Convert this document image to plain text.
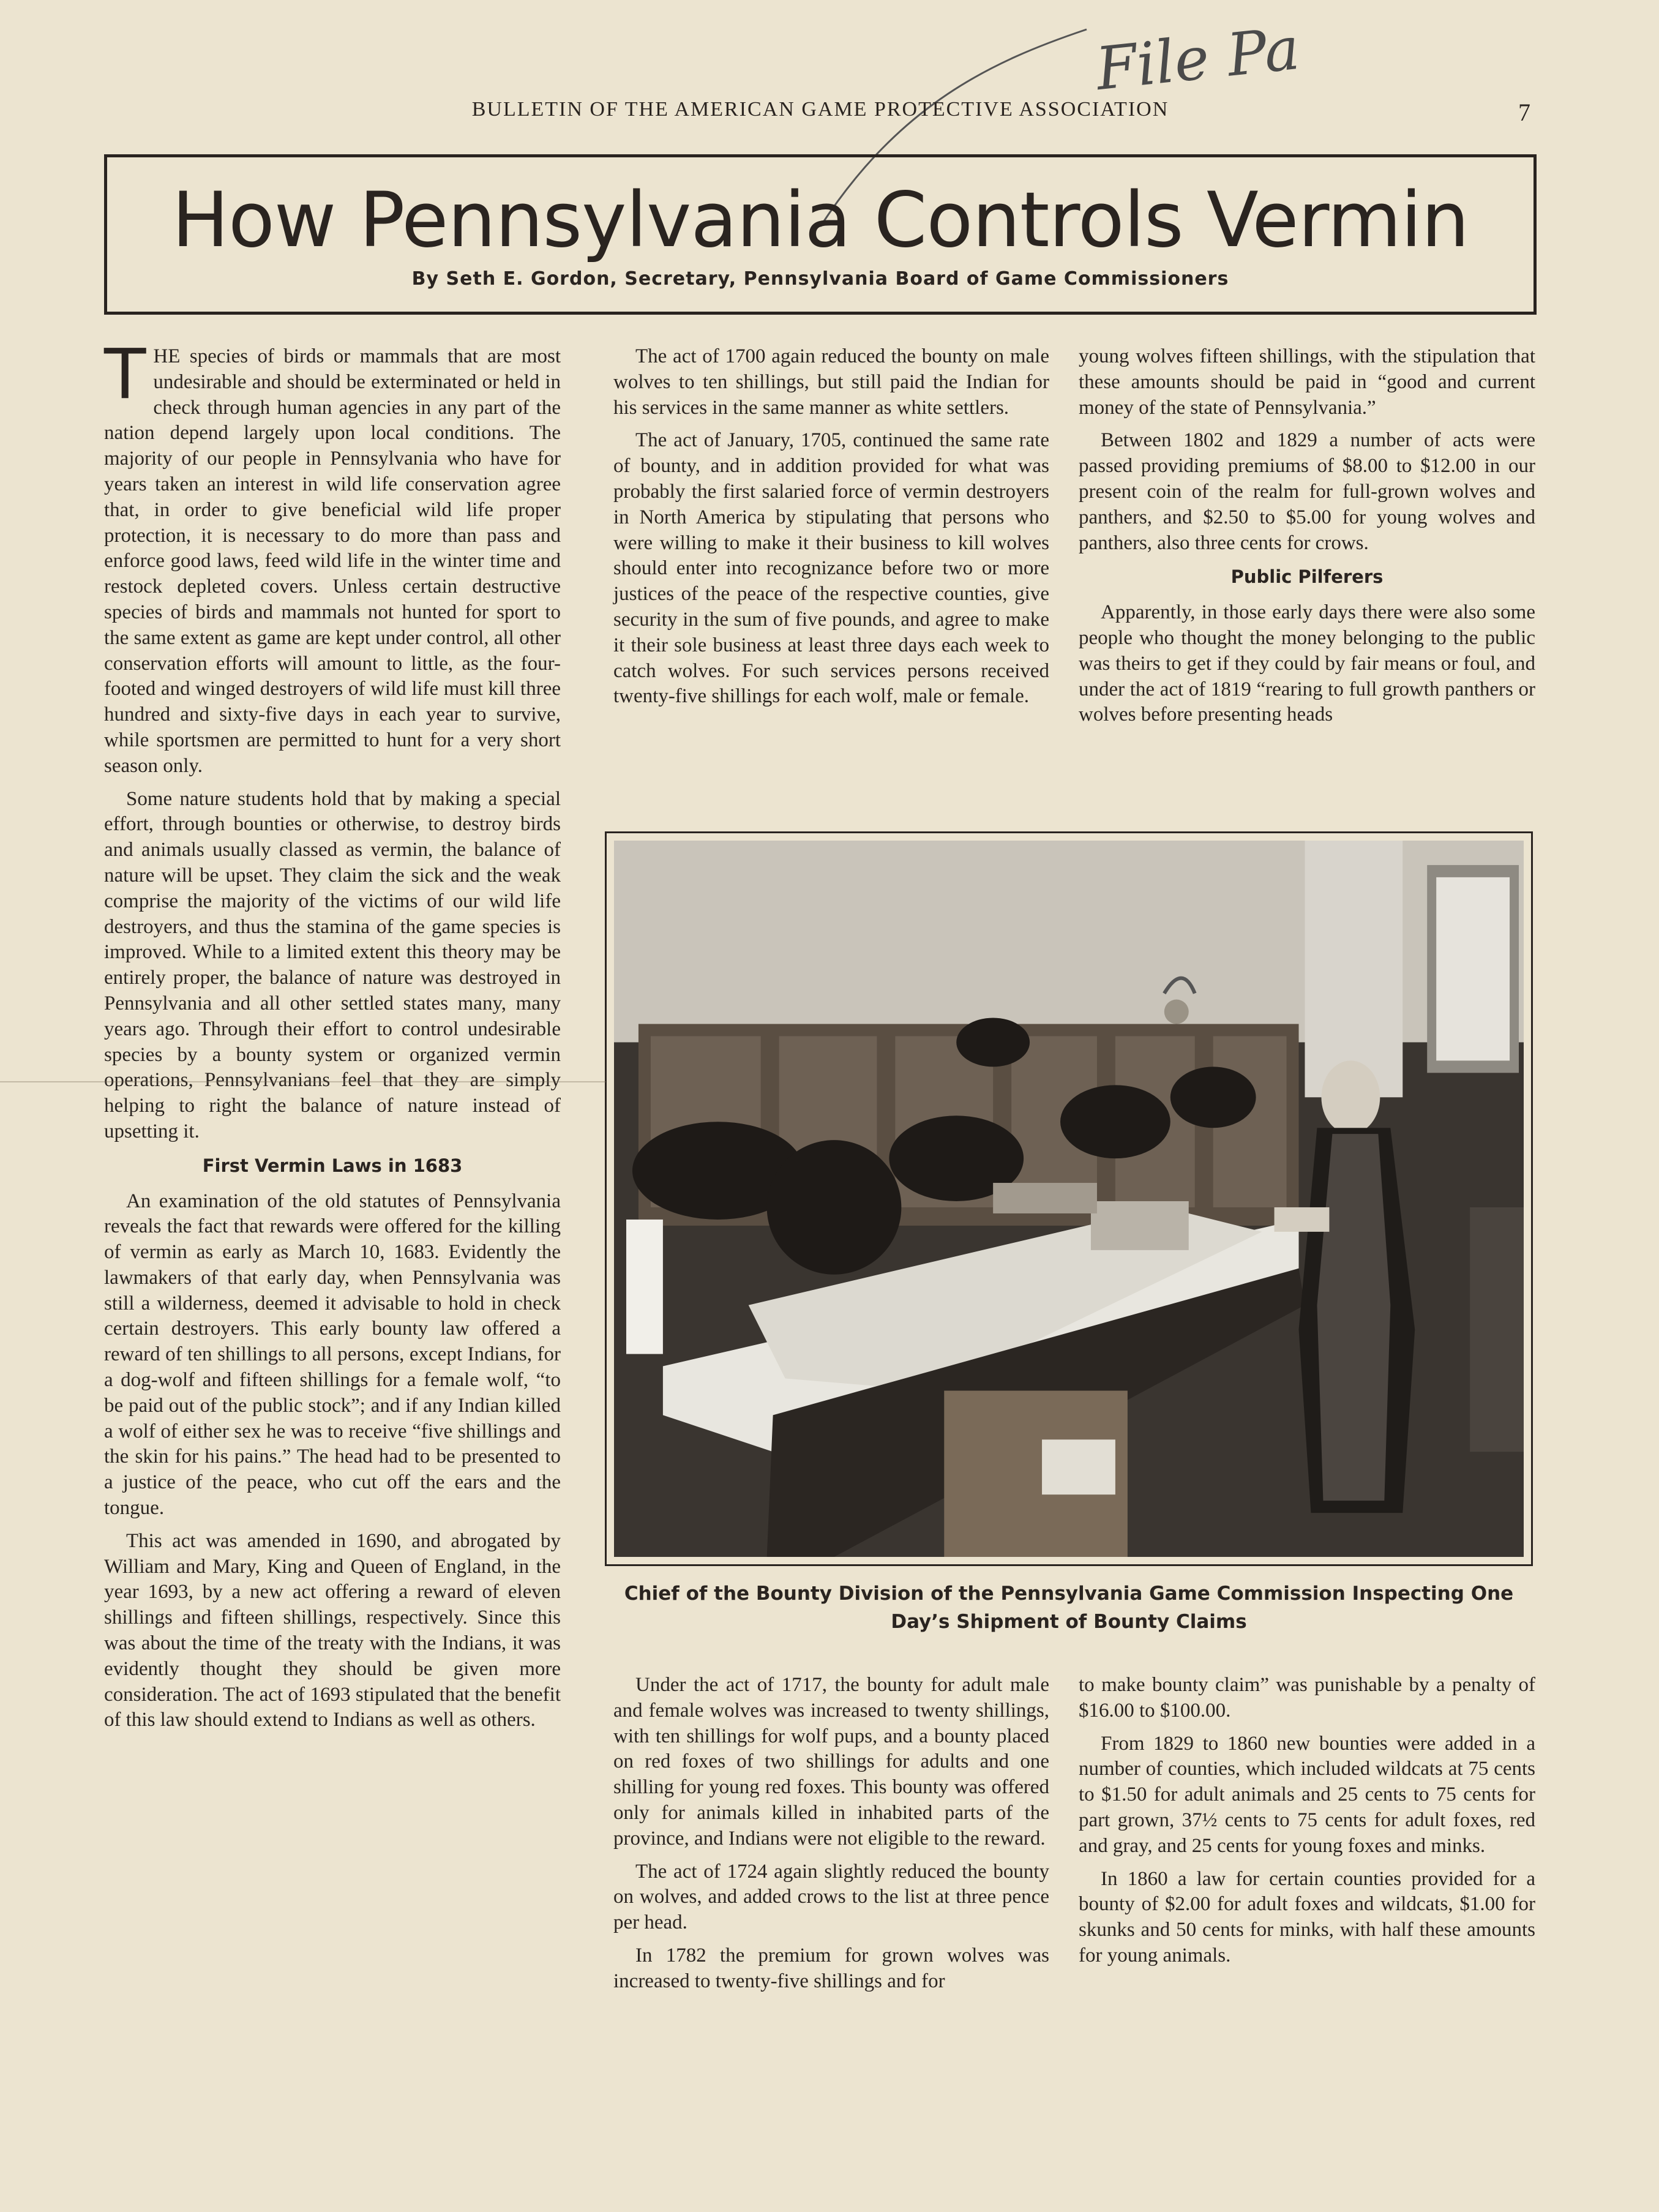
File Pa
BULLETIN OF THE AMERICAN GAME PROTECTIVE ASSOCIATION	7
How Pennsylvania Controls Vermin
By Seth E. Gordon, Secretary, Pennsylvania Board of Game Commissioners

THE species of birds or mammals that are most undesirable and should be exterminated or held in check through human agencies in any part of the nation depend largely upon local conditions. The majority of our people in Pennsylvania who have for years taken an interest in wild life conservation agree that, in order to give beneficial wild life proper protection, it is necessary to do more than pass and enforce good laws, feed wild life in the winter time and restock depleted covers. Unless certain destructive species of birds and mammals not hunted for sport to the same extent as game are kept under control, all other conservation efforts will amount to little, as the four-footed and winged destroyers of wild life must kill three hundred and sixty-five days in each year to survive, while sportsmen are permitted to hunt for a very short season only.

Some nature students hold that by making a special effort, through bounties or otherwise, to destroy birds and animals usually classed as vermin, the balance of nature will be upset. They claim the sick and the weak comprise the majority of the victims of our wild life destroyers, and thus the stamina of the game species is improved. While to a limited extent this theory may be entirely proper, the balance of nature was destroyed in Pennsylvania and all other settled states many, many years ago. Through their effort to control undesirable species by a bounty system or organized vermin operations, Pennsylvanians feel that they are simply helping to right the balance of nature instead of upsetting it.

First Vermin Laws in 1683

An examination of the old statutes of Pennsylvania reveals the fact that rewards were offered for the killing of vermin as early as March 10, 1683. Evidently the lawmakers of that early day, when Pennsylvania was still a wilderness, deemed it advisable to hold in check certain destroyers. This early bounty law offered a reward of ten shillings to all persons, except Indians, for a dog-wolf and fifteen shillings for a female wolf, “to be paid out of the public stock”; and if any Indian killed a wolf of either sex he was to receive “five shillings and the skin for his pains.” The head had to be presented to a justice of the peace, who cut off the ears and the tongue.

This act was amended in 1690, and abrogated by William and Mary, King and Queen of England, in the year 1693, by a new act offering a reward of eleven shillings and fifteen shillings, respectively. Since this was about the time of the treaty with the Indians, it was evidently thought they should be given more consideration. The act of 1693 stipulated that the benefit of this law should extend to Indians as well as others.

The act of 1700 again reduced the bounty on male wolves to ten shillings, but still paid the Indian for his services in the same manner as white settlers.

The act of January, 1705, continued the same rate of bounty, and in addition provided for what was probably the first salaried force of vermin destroyers in North America by stipulating that persons who were willing to make it their business to kill wolves should enter into recognizance before two or more justices of the peace of the respective counties, give security in the sum of five pounds, and agree to make it their sole business at least three days each week to catch wolves. For such services persons received twenty-five shillings for each wolf, male or female.

young wolves fifteen shillings, with the stipulation that these amounts should be paid in “good and current money of the state of Pennsylvania.”

Between 1802 and 1829 a number of acts were passed providing premiums of $8.00 to $12.00 in our present coin of the realm for full-grown wolves and panthers, and $2.50 to $5.00 for young wolves and panthers, also three cents for crows.

Public Pilferers

Apparently, in those early days there were also some people who thought the money belonging to the public was theirs to get if they could by fair means or foul, and under the act of 1819 “rearing to full growth panthers or wolves before presenting heads

Chief of the Bounty Division of the Pennsylvania Game Commission Inspecting One Day’s Shipment of Bounty Claims

Under the act of 1717, the bounty for adult male and female wolves was increased to twenty shillings, with ten shillings for wolf pups, and a bounty placed on red foxes of two shillings for adults and one shilling for young red foxes. This bounty was offered only for animals killed in inhabited parts of the province, and Indians were not eligible to the reward.

The act of 1724 again slightly reduced the bounty on wolves, and added crows to the list at three pence per head.

In 1782 the premium for grown wolves was increased to twenty-five shillings and for

to make bounty claim” was punishable by a penalty of $16.00 to $100.00.

From 1829 to 1860 new bounties were added in a number of counties, which included wildcats at 75 cents to $1.50 for adult animals and 25 cents to 75 cents for part grown, 37½ cents to 75 cents for adult foxes, red and gray, and 25 cents for young foxes and minks.

In 1860 a law for certain counties provided for a bounty of $2.00 for adult foxes and wildcats, $1.00 for skunks and 50 cents for minks, with half these amounts for young animals.
